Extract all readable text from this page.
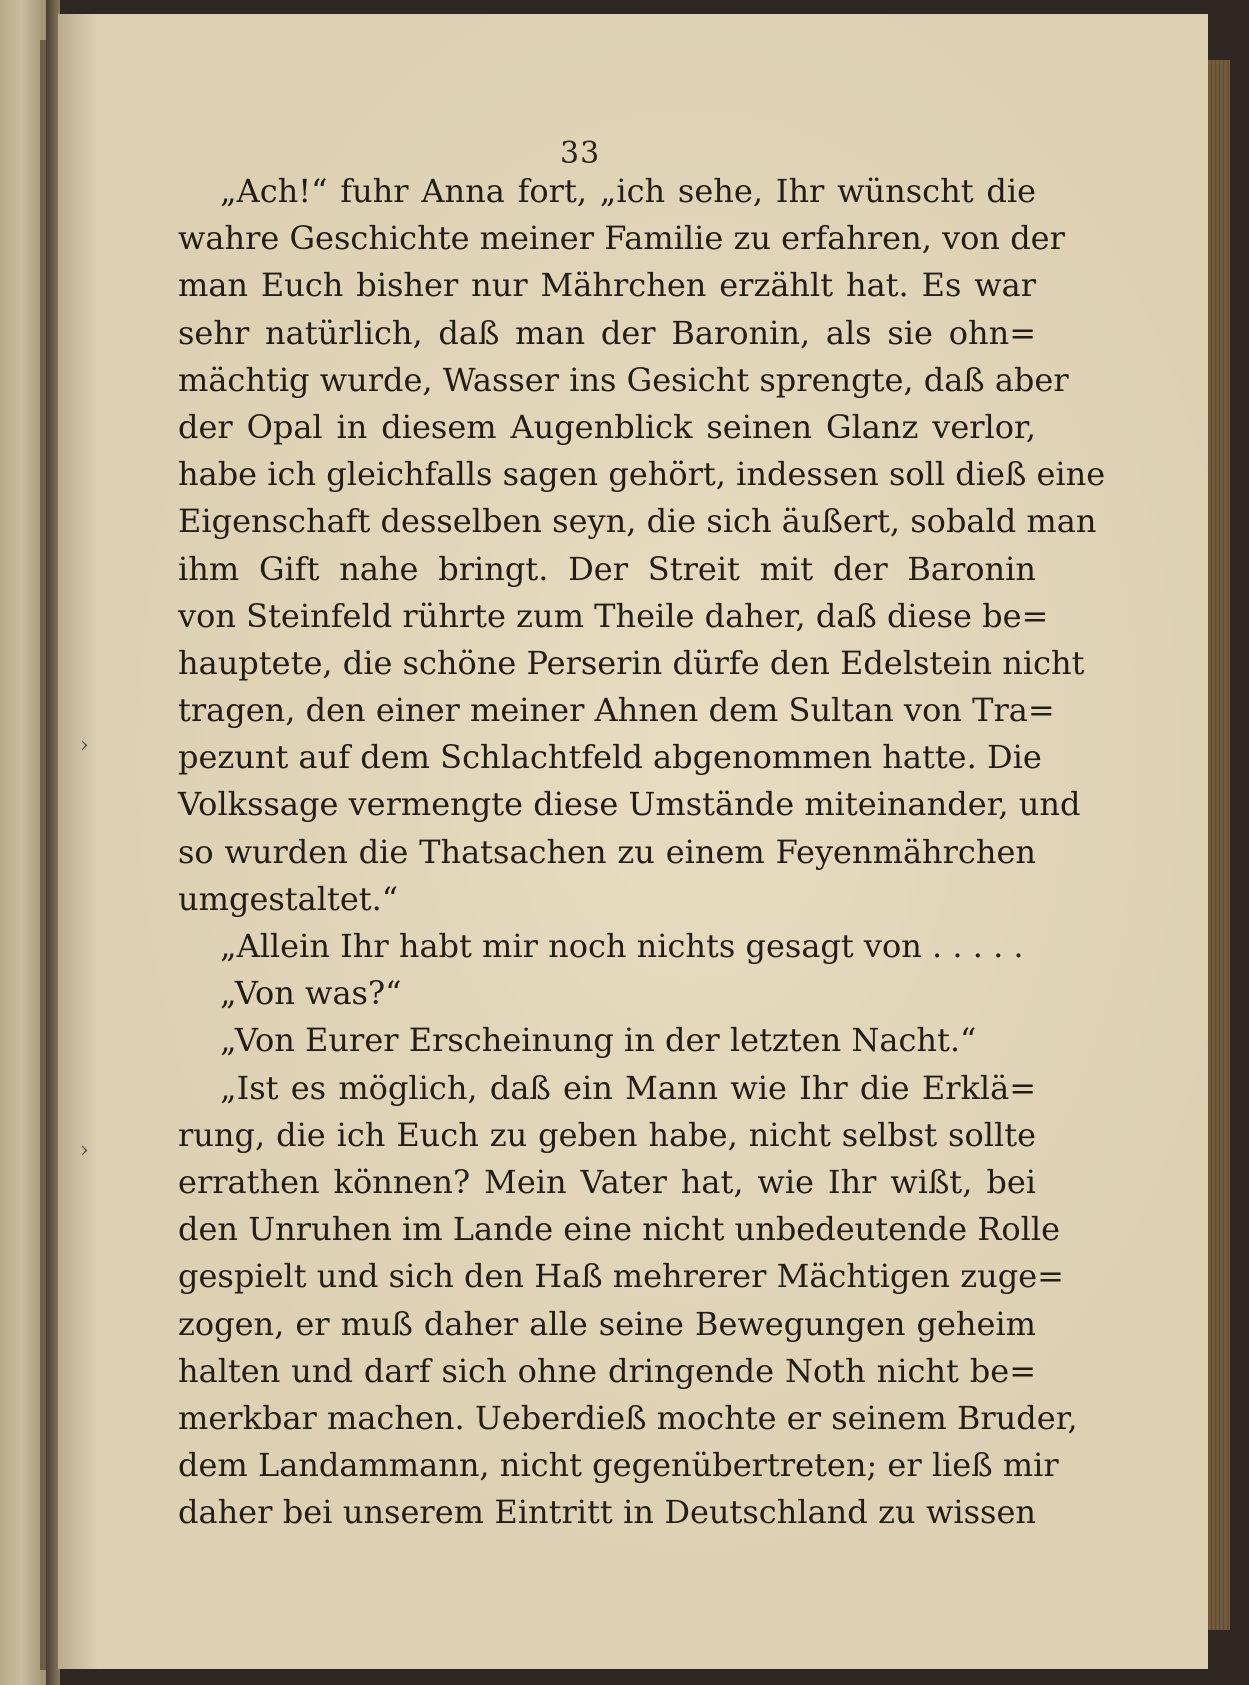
›
›
33
„Ach!“ fuhr Anna fort, „ich sehe, Ihr wünscht die
wahre Geschichte meiner Familie zu erfahren, von der
man Euch bisher nur Mährchen erzählt hat. Es war
sehr natürlich, daß man der Baronin, als sie ohn=
mächtig wurde, Wasser ins Gesicht sprengte, daß aber
der Opal in diesem Augenblick seinen Glanz verlor,
habe ich gleichfalls sagen gehört, indessen soll dieß eine
Eigenschaft desselben seyn, die sich äußert, sobald man
ihm Gift nahe bringt. Der Streit mit der Baronin
von Steinfeld rührte zum Theile daher, daß diese be=
hauptete, die schöne Perserin dürfe den Edelstein nicht
tragen, den einer meiner Ahnen dem Sultan von Tra=
pezunt auf dem Schlachtfeld abgenommen hatte. Die
Volkssage vermengte diese Umstände miteinander, und
so wurden die Thatsachen zu einem Feyenmährchen
umgestaltet.“
„Allein Ihr habt mir noch nichts gesagt von . . . . .
„Von was?“
„Von Eurer Erscheinung in der letzten Nacht.“
„Ist es möglich, daß ein Mann wie Ihr die Erklä=
rung, die ich Euch zu geben habe, nicht selbst sollte
errathen können? Mein Vater hat, wie Ihr wißt, bei
den Unruhen im Lande eine nicht unbedeutende Rolle
gespielt und sich den Haß mehrerer Mächtigen zuge=
zogen, er muß daher alle seine Bewegungen geheim
halten und darf sich ohne dringende Noth nicht be=
merkbar machen. Ueberdieß mochte er seinem Bruder,
dem Landammann, nicht gegenübertreten; er ließ mir
daher bei unserem Eintritt in Deutschland zu wissen
